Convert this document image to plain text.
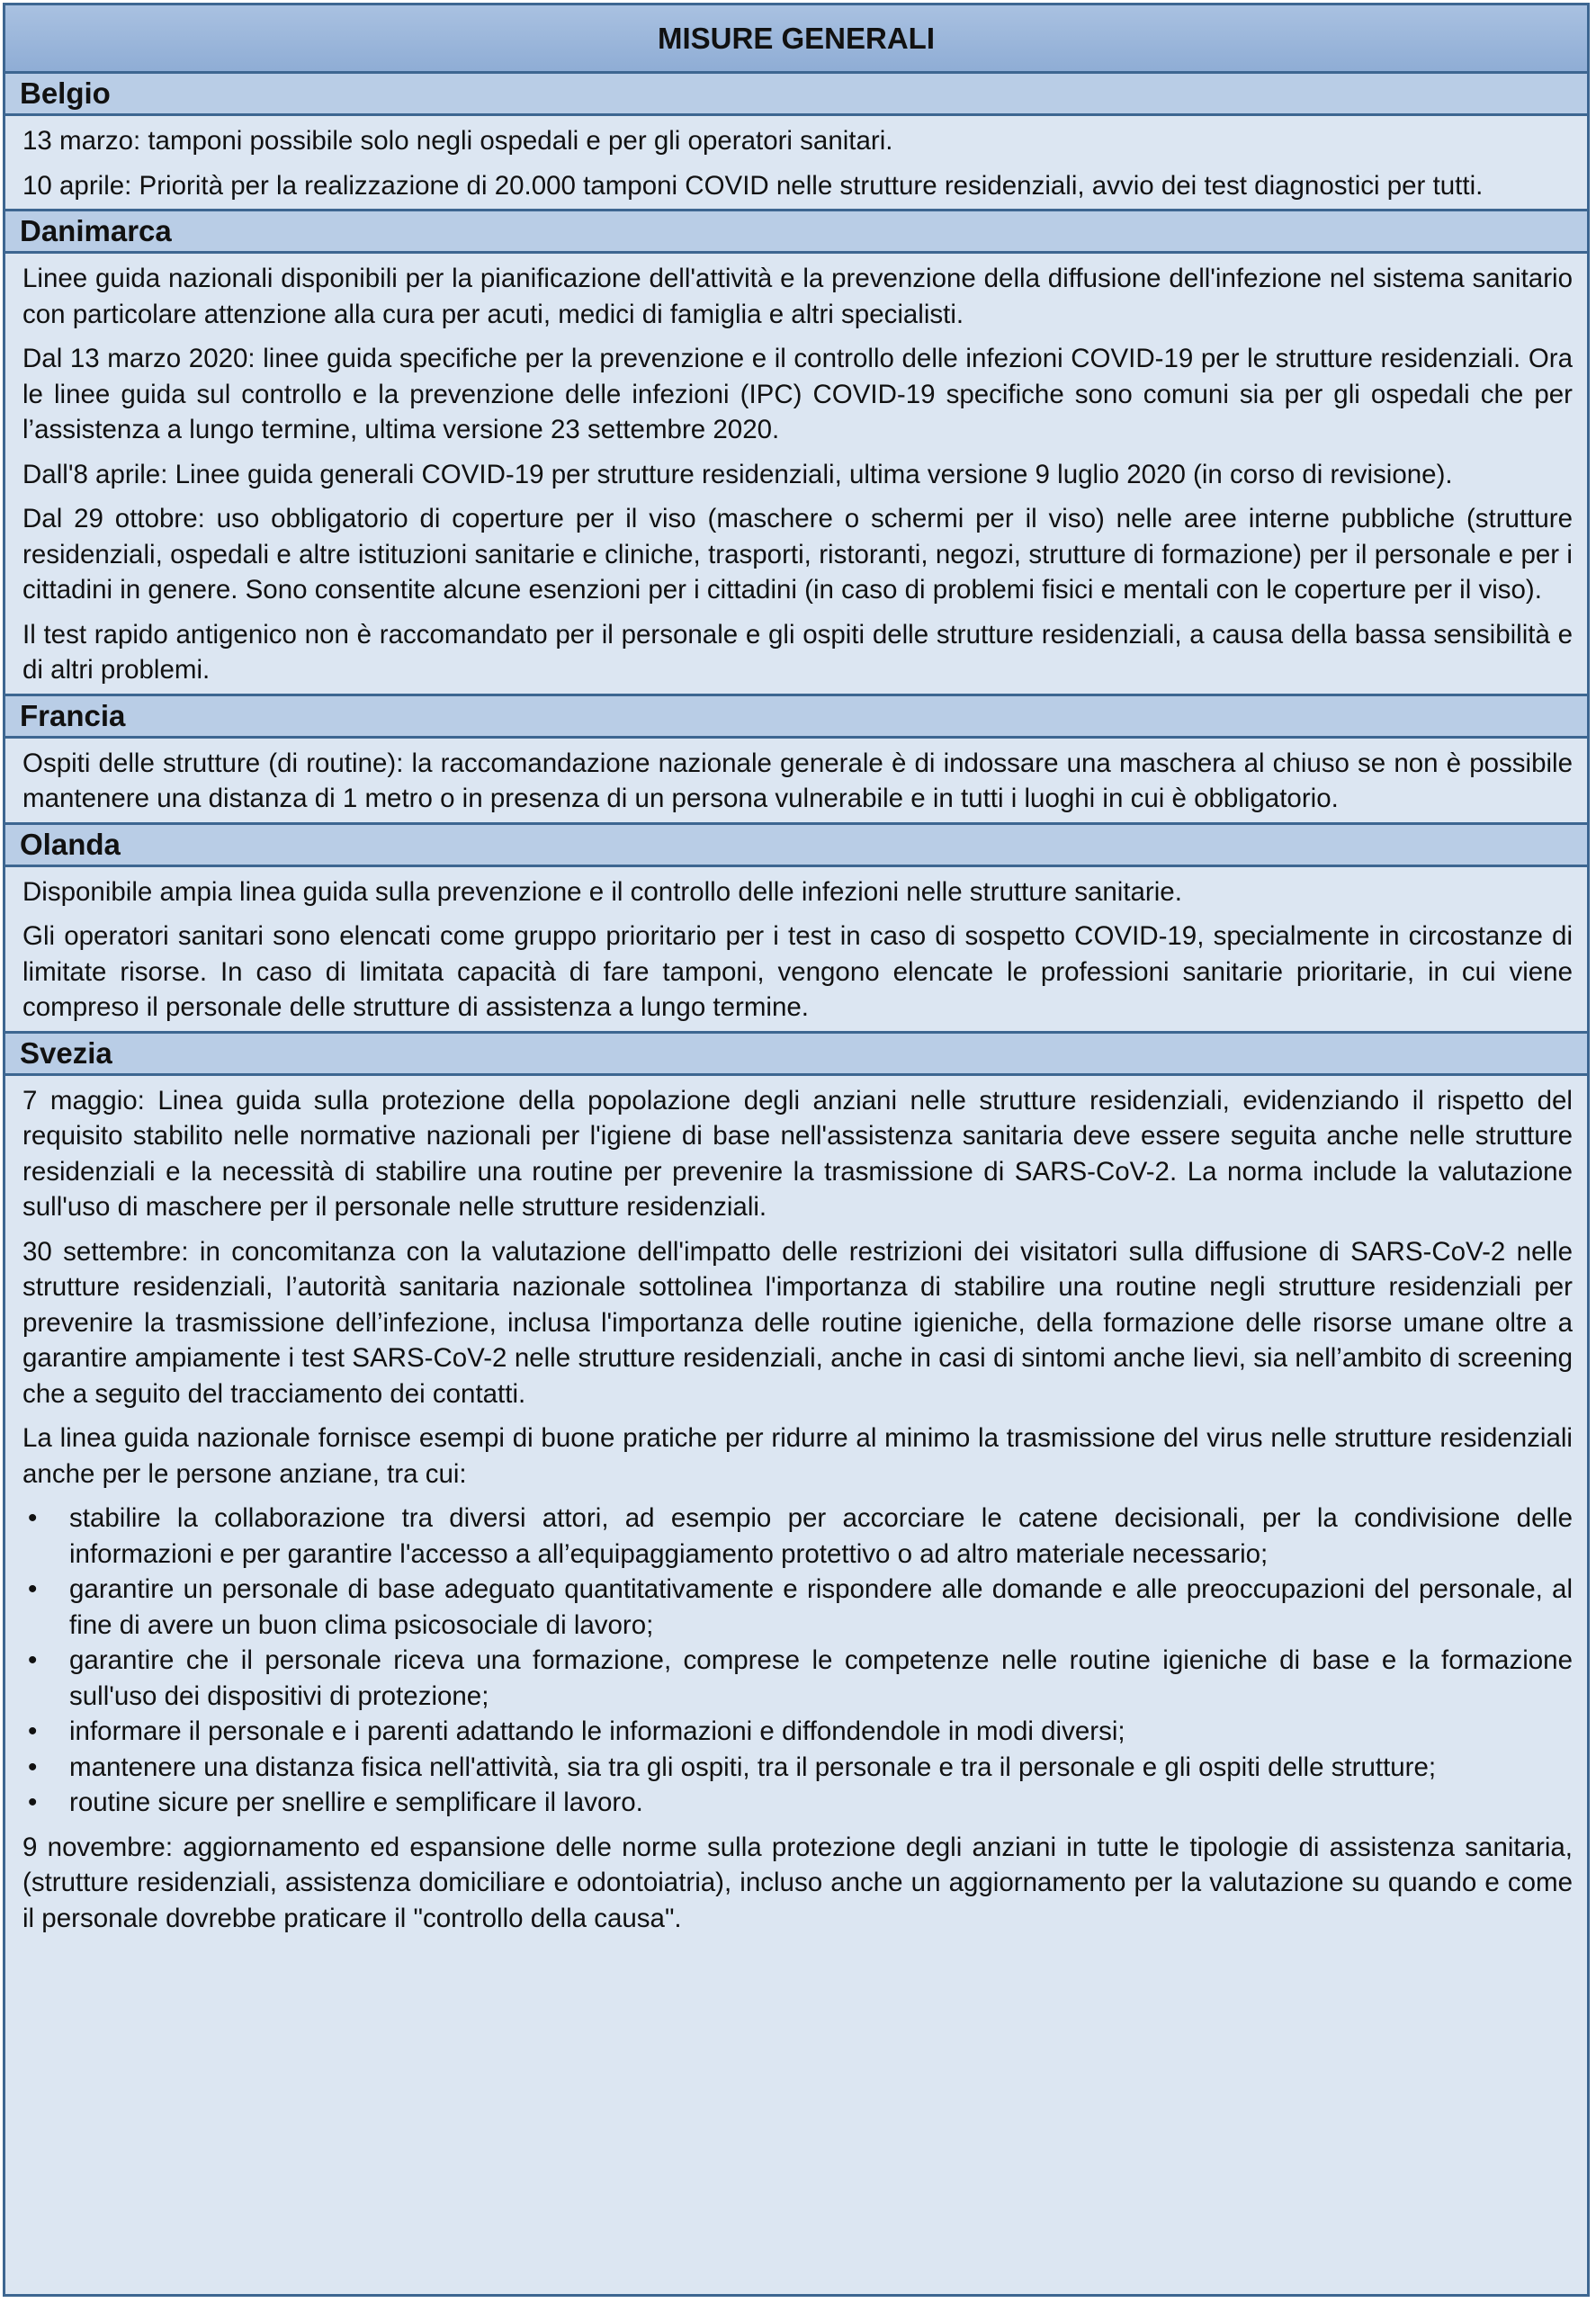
MISURE GENERALI
Belgio
13 marzo: tamponi possibile solo negli ospedali e per gli operatori sanitari.
10 aprile: Priorità per la realizzazione di 20.000 tamponi COVID nelle strutture residenziali, avvio dei test diagnostici per tutti.
Danimarca
Linee guida nazionali disponibili per la pianificazione dell'attività e la prevenzione della diffusione dell'infezione nel sistema sanitario con particolare attenzione alla cura per acuti, medici di famiglia e altri specialisti.
Dal 13 marzo 2020: linee guida specifiche per la prevenzione e il controllo delle infezioni COVID-19 per le strutture residenziali. Ora le linee guida sul controllo e la prevenzione delle infezioni (IPC) COVID-19 specifiche sono comuni sia per gli ospedali che per l’assistenza a lungo termine, ultima versione 23 settembre 2020.
Dall'8 aprile: Linee guida generali COVID-19 per strutture residenziali, ultima versione 9 luglio 2020 (in corso di revisione).
Dal 29 ottobre: uso obbligatorio di coperture per il viso (maschere o schermi per il viso) nelle aree interne pubbliche (strutture residenziali, ospedali e altre istituzioni sanitarie e cliniche, trasporti, ristoranti, negozi, strutture di formazione) per il personale e per i cittadini in genere. Sono consentite alcune esenzioni per i cittadini (in caso di problemi fisici e mentali con le coperture per il viso).
Il test rapido antigenico non è raccomandato per il personale e gli ospiti delle strutture residenziali, a causa della bassa sensibilità e di altri problemi.
Francia
Ospiti delle strutture (di routine): la raccomandazione nazionale generale è di indossare una maschera al chiuso se non è possibile mantenere una distanza di 1 metro o in presenza di un persona vulnerabile e in tutti i luoghi in cui è obbligatorio.
Olanda
Disponibile ampia linea guida sulla prevenzione e il controllo delle infezioni nelle strutture sanitarie.
Gli operatori sanitari sono elencati come gruppo prioritario per i test in caso di sospetto COVID-19, specialmente in circostanze di limitate risorse. In caso di limitata capacità di fare tamponi, vengono elencate le professioni sanitarie prioritarie, in cui viene compreso il personale delle strutture di assistenza a lungo termine.
Svezia
7 maggio: Linea guida sulla protezione della popolazione degli anziani nelle strutture residenziali, evidenziando il rispetto del requisito stabilito nelle normative nazionali per l'igiene di base nell'assistenza sanitaria deve essere seguita anche nelle strutture residenziali e la necessità di stabilire una routine per prevenire la trasmissione di SARS-CoV-2. La norma include la valutazione sull'uso di maschere per il personale nelle strutture residenziali.
30 settembre: in concomitanza con la valutazione dell'impatto delle restrizioni dei visitatori sulla diffusione di SARS-CoV-2 nelle strutture residenziali, l’autorità sanitaria nazionale sottolinea l'importanza di stabilire una routine negli strutture residenziali per prevenire la trasmissione dell’infezione, inclusa l'importanza delle routine igieniche, della formazione delle risorse umane oltre a garantire ampiamente i test SARS-CoV-2 nelle strutture residenziali, anche in casi di sintomi anche lievi, sia nell’ambito di screening che a seguito del tracciamento dei contatti.
La linea guida nazionale fornisce esempi di buone pratiche per ridurre al minimo la trasmissione del virus nelle strutture residenziali anche per le persone anziane, tra cui:
• stabilire la collaborazione tra diversi attori, ad esempio per accorciare le catene decisionali, per la condivisione delle informazioni e per garantire l'accesso a all’equipaggiamento protettivo o ad altro materiale necessario;
• garantire un personale di base adeguato quantitativamente e rispondere alle domande e alle preoccupazioni del personale, al fine di avere un buon clima psicosociale di lavoro;
• garantire che il personale riceva una formazione, comprese le competenze nelle routine igieniche di base e la formazione sull'uso dei dispositivi di protezione;
• informare il personale e i parenti adattando le informazioni e diffondendole in modi diversi;
• mantenere una distanza fisica nell'attività, sia tra gli ospiti, tra il personale e tra il personale e gli ospiti delle strutture;
• routine sicure per snellire e semplificare il lavoro.
9 novembre: aggiornamento ed espansione delle norme sulla protezione degli anziani in tutte le tipologie di assistenza sanitaria, (strutture residenziali, assistenza domiciliare e odontoiatria), incluso anche un aggiornamento per la valutazione su quando e come il personale dovrebbe praticare il "controllo della causa".
